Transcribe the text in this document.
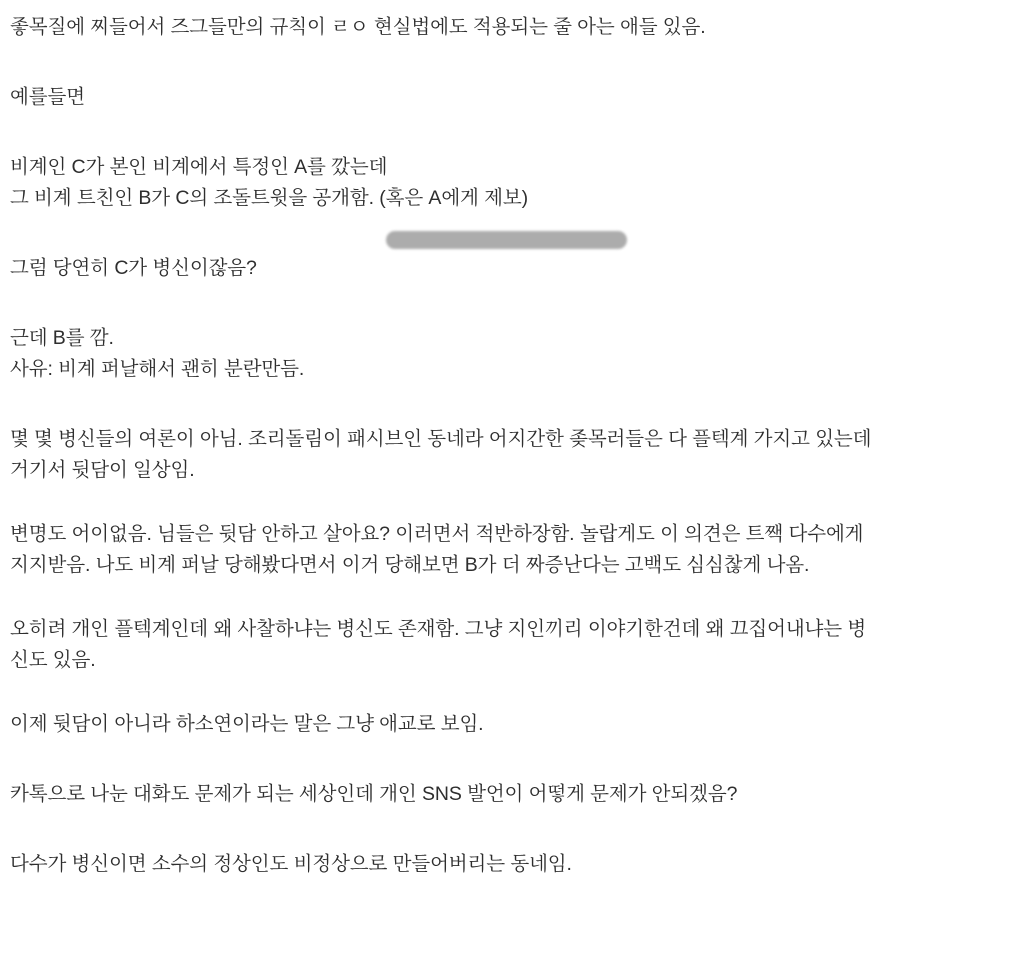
좋목질에 찌들어서 즈그들만의 규칙이 ㄹㅇ 현실법에도 적용되는 줄 아는 애들 있음.
예를들면
비계인 C가 본인 비계에서 특정인 A를 깠는데
그 비계 트친인 B가 C의 조돌트윗을 공개함. (혹은 A에게 제보)
그럼 당연히 C가 병신이잖음?
근데 B를 깜.
사유: 비계 퍼날해서 괜히 분란만듬.
몇 몇 병신들의 여론이 아님. 조리돌림이 패시브인 동네라 어지간한 좆목러들은 다 플텍계 가지고 있는데
거기서 뒷담이 일상임.
변명도 어이없음. 님들은 뒷담 안하고 살아요? 이러면서 적반하장함. 놀랍게도 이 의견은 트짹 다수에게
지지받음. 나도 비계 퍼날 당해봤다면서 이거 당해보면 B가 더 짜증난다는 고백도 심심찮게 나옴.
오히려 개인 플텍계인데 왜 사찰하냐는 병신도 존재함. 그냥 지인끼리 이야기한건데 왜 끄집어내냐는 병
신도 있음.
이제 뒷담이 아니라 하소연이라는 말은 그냥 애교로 보임.
카톡으로 나눈 대화도 문제가 되는 세상인데 개인 SNS 발언이 어떻게 문제가 안되겠음?
다수가 병신이면 소수의 정상인도 비정상으로 만들어버리는 동네임.
